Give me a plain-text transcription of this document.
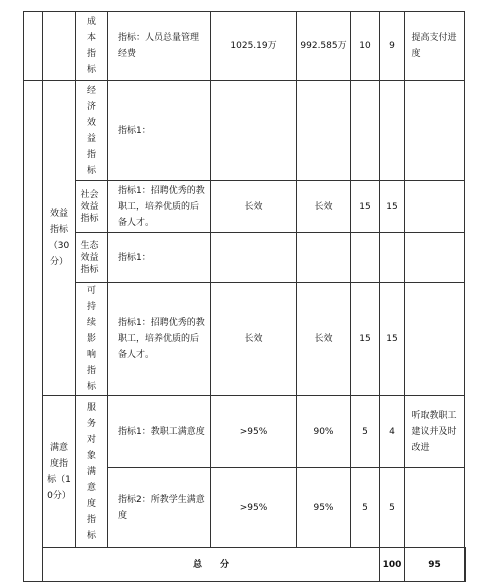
		成本指标	指标：人员总量管理经费	1025.19万	992.585万	10	9	提高支付进度	

	效益指标（30分）	经济效益指标	指标1：						

		社会效益指标	指标1：招聘优秀的教职工，培养优质的后备人才。	长效	长效	15	15		

		生态效益指标	指标1：						

		可持续影响指标	指标1：招聘优秀的教职工，培养优质的后备人才。	长效	长效	15	15		

	满意度指标（10分）	服务对象满意度指标	指标1：教职工满意度	>95%	90%	5	4	听取教职工建议并及时改进	

			指标2：所教学生满意度	>95%	95%	5	5		
	总　　分						100	95	
